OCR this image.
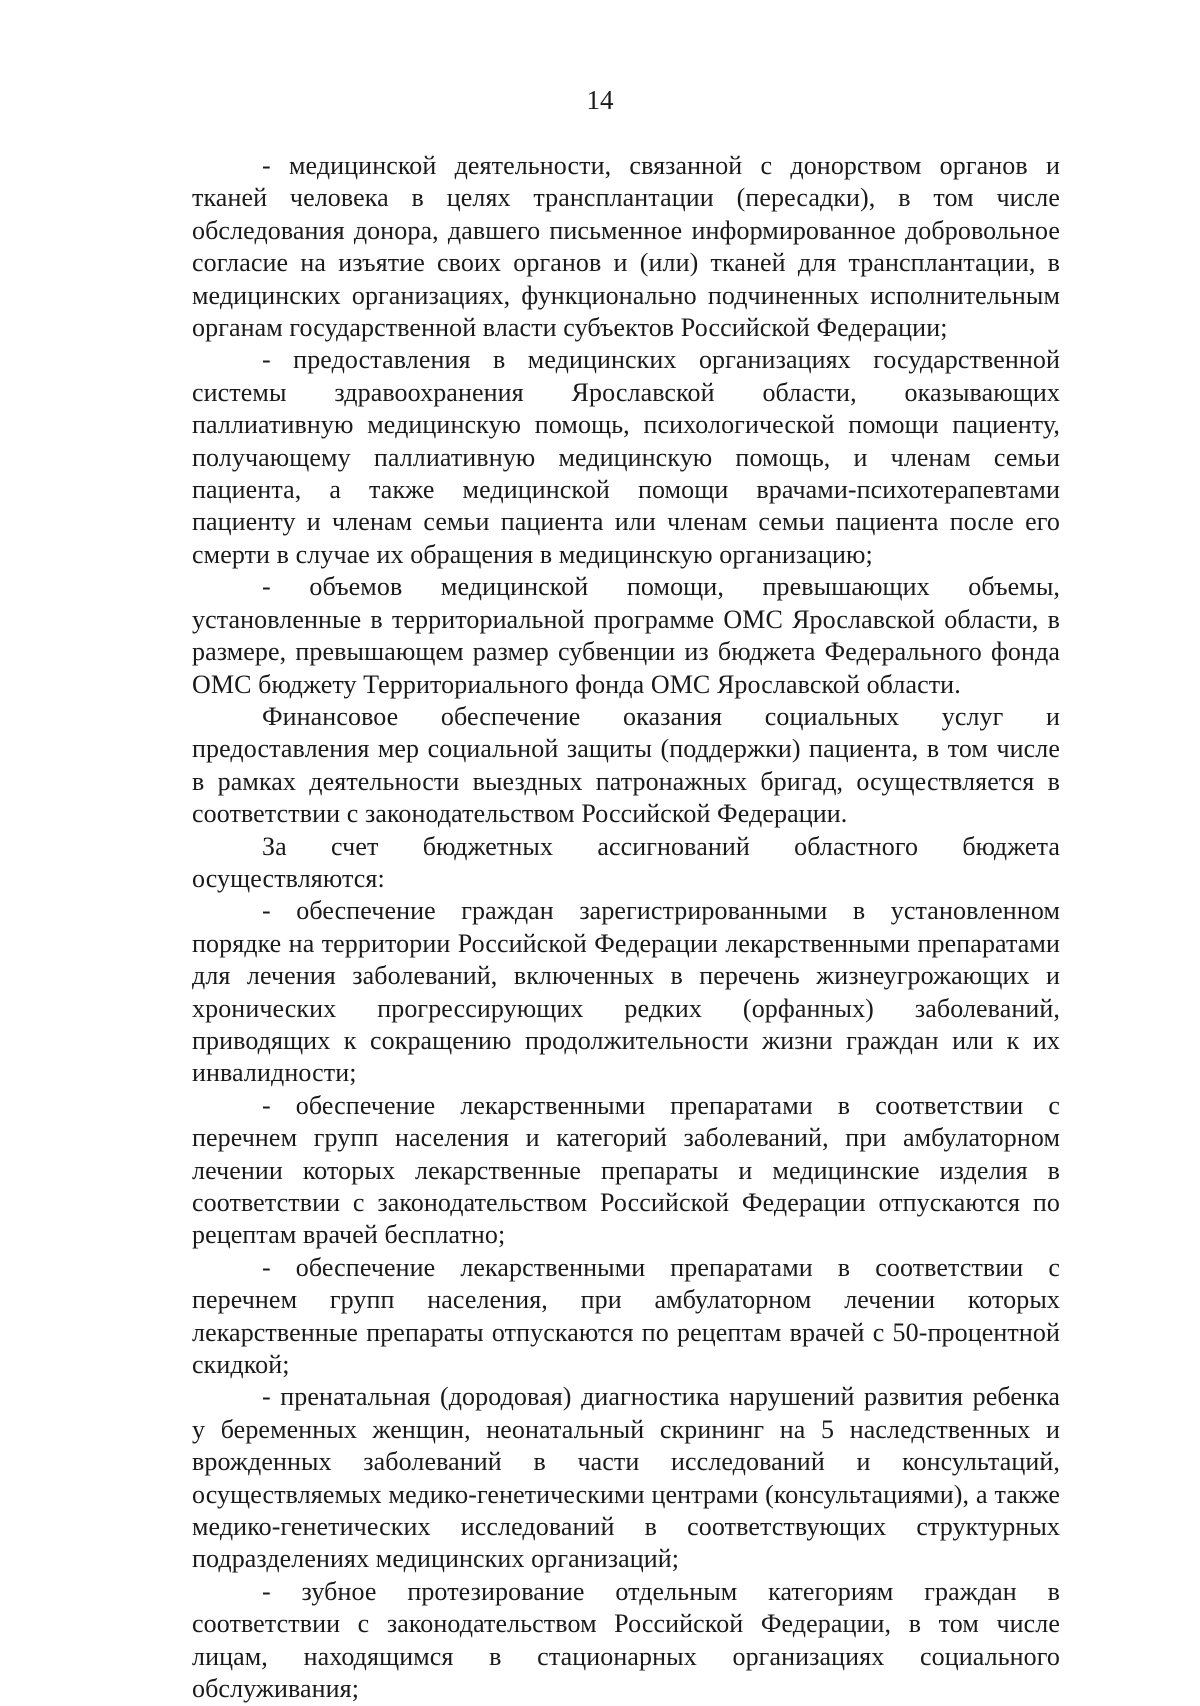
14

- медицинской деятельности, связанной с донорством органов и тканей человека в целях трансплантации (пересадки), в том числе обследования донора, давшего письменное информированное добровольное согласие на изъятие своих органов и (или) тканей для трансплантации, в медицинских организациях, функционально подчиненных исполнительным органам государственной власти субъектов Российской Федерации;

- предоставления в медицинских организациях государственной системы здравоохранения Ярославской области, оказывающих паллиативную медицинскую помощь, психологической помощи пациенту, получающему паллиативную медицинскую помощь, и членам семьи пациента, а также медицинской помощи врачами-психотерапевтами пациенту и членам семьи пациента или членам семьи пациента после его смерти в случае их обращения в медицинскую организацию;

- объемов медицинской помощи, превышающих объемы, установленные в территориальной программе ОМС Ярославской области, в размере, превышающем размер субвенции из бюджета Федерального фонда ОМС бюджету Территориального фонда ОМС Ярославской области.

Финансовое обеспечение оказания социальных услуг и предоставления мер социальной защиты (поддержки) пациента, в том числе в рамках деятельности выездных патронажных бригад, осуществляется в соответствии с законодательством Российской Федерации.

За счет бюджетных ассигнований областного бюджета осуществляются:

- обеспечение граждан зарегистрированными в установленном порядке на территории Российской Федерации лекарственными препаратами для лечения заболеваний, включенных в перечень жизнеугрожающих и хронических прогрессирующих редких (орфанных) заболеваний, приводящих к сокращению продолжительности жизни граждан или к их инвалидности;

- обеспечение лекарственными препаратами в соответствии с перечнем групп населения и категорий заболеваний, при амбулаторном лечении которых лекарственные препараты и медицинские изделия в соответствии с законодательством Российской Федерации отпускаются по рецептам врачей бесплатно;

- обеспечение лекарственными препаратами в соответствии с перечнем групп населения, при амбулаторном лечении которых лекарственные препараты отпускаются по рецептам врачей с 50-процентной скидкой;

- пренатальная (дородовая) диагностика нарушений развития ребенка у беременных женщин, неонатальный скрининг на 5 наследственных и врожденных заболеваний в части исследований и консультаций, осуществляемых медико-генетическими центрами (консультациями), а также медико-генетических исследований в соответствующих структурных подразделениях медицинских организаций;

- зубное протезирование отдельным категориям граждан в соответствии с законодательством Российской Федерации, в том числе лицам, находящимся в стационарных организациях социального обслуживания;
